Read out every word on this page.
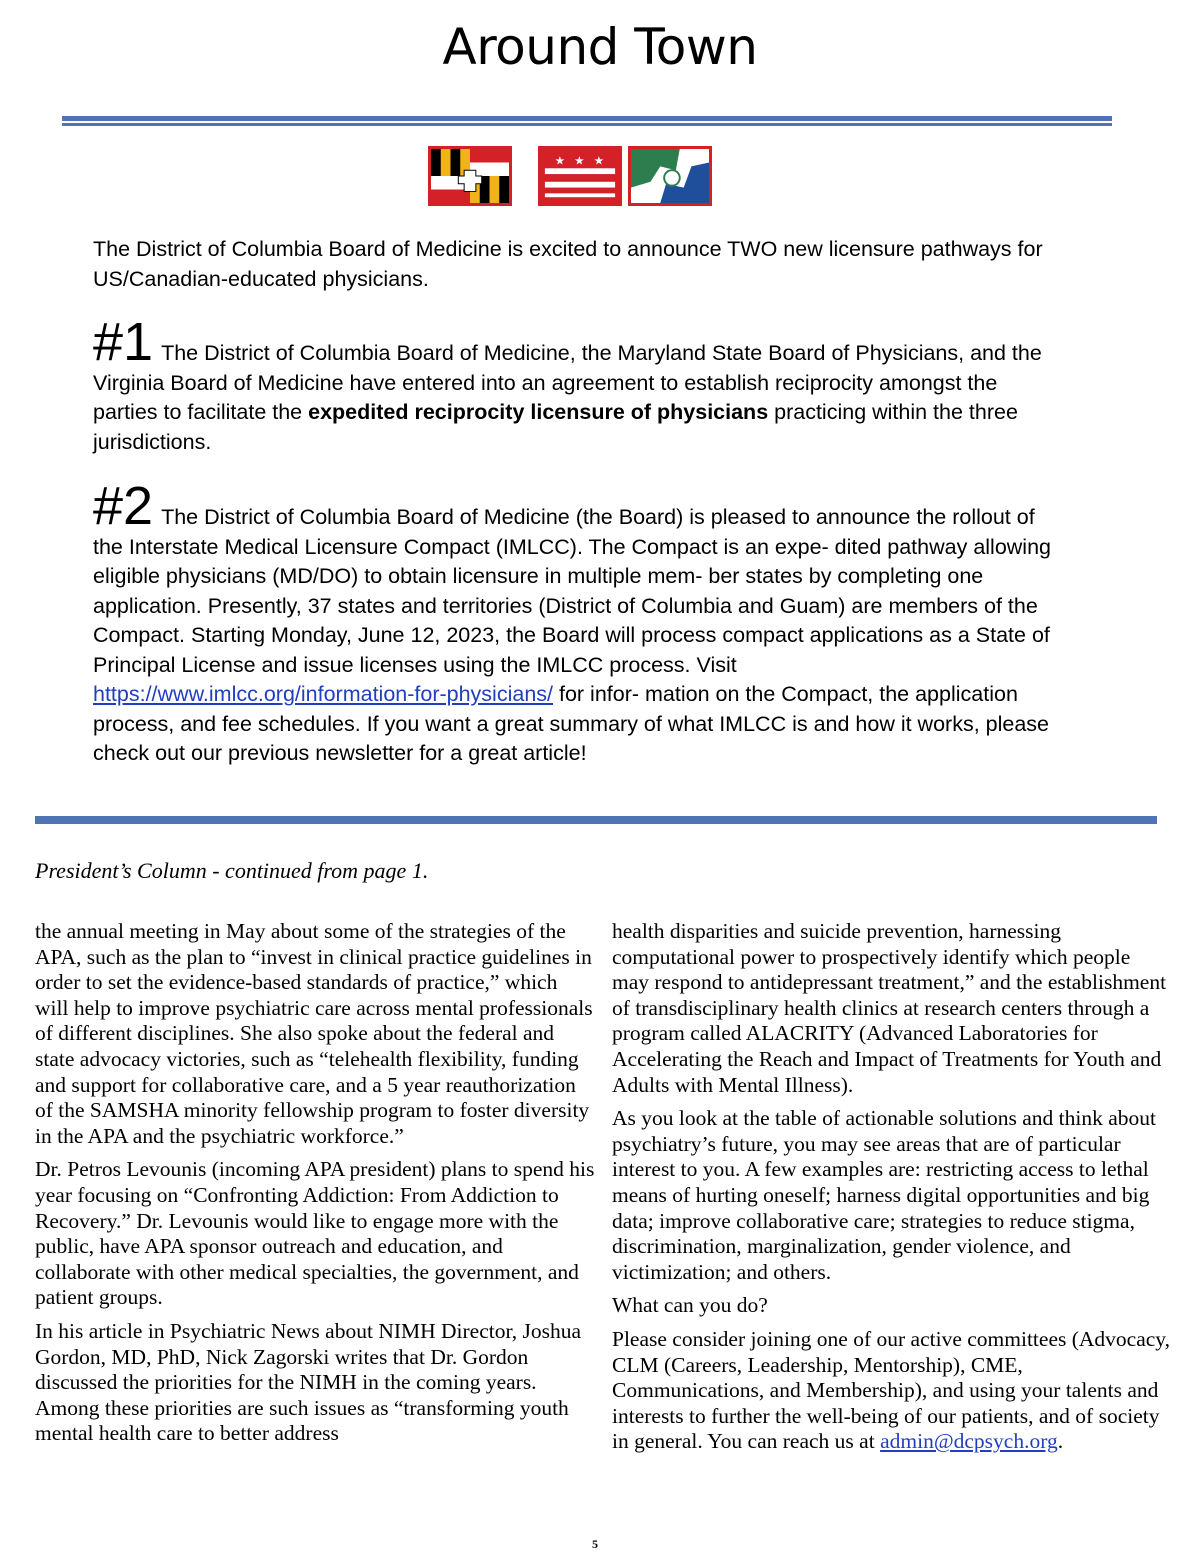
Around Town
★ ★ ★

The District of Columbia Board of Medicine is excited to announce TWO new licensure pathways for US/Canadian-educated physicians.

#1 The District of Columbia Board of Medicine, the Maryland State Board of Physicians, and the Virginia Board of Medicine have entered into an agreement to establish reciprocity amongst the parties to facilitate the expedited reciprocity licensure of physicians practicing within the three jurisdictions.

#2 The District of Columbia Board of Medicine (the Board) is pleased to announce the rollout of the Interstate Medical Licensure Compact (IMLCC). The Compact is an expe- dited pathway allowing eligible physicians (MD/DO) to obtain licensure in multiple mem- ber states by completing one application. Presently, 37 states and territories (District of Columbia and Guam) are members of the Compact. Starting Monday, June 12, 2023, the Board will process compact applications as a State of Principal License and issue licenses using the IMLCC process. Visit https://www.imlcc.org/information-for-physicians/ for infor- mation on the Compact, the application process, and fee schedules. If you want a great summary of what IMLCC is and how it works, please check out our previous newsletter for a great article!

President’s Column - continued from page 1.

the annual meeting in May about some of the strategies of the APA, such as the plan to “invest in clinical practice guidelines in order to set the evidence-based standards of practice,” which will help to improve psychiatric care across mental professionals of different disciplines. She also spoke about the federal and state advocacy victories, such as “telehealth flexibility, funding and support for collaborative care, and a 5 year reauthorization of the SAMSHA minority fellowship program to foster diversity in the APA and the psychiatric workforce.”

Dr. Petros Levounis (incoming APA president) plans to spend his year focusing on “Confronting Addiction: From Addiction to Recovery.” Dr. Levounis would like to engage more with the public, have APA sponsor outreach and education, and collaborate with other medical specialties, the government, and patient groups.

In his article in Psychiatric News about NIMH Director, Joshua Gordon, MD, PhD, Nick Zagorski writes that Dr. Gordon discussed the priorities for the NIMH in the coming years. Among these priorities are such issues as “transforming youth mental health care to better address

health disparities and suicide prevention, harnessing computational power to prospectively identify which people may respond to antidepressant treatment,” and the establishment of transdisciplinary health clinics at research centers through a program called ALACRITY (Advanced Laboratories for Accelerating the Reach and Impact of Treatments for Youth and Adults with Mental Illness).

As you look at the table of actionable solutions and think about psychiatry’s future, you may see areas that are of particular interest to you. A few examples are: restricting access to lethal means of hurting oneself; harness digital opportunities and big data; improve collaborative care; strategies to reduce stigma, discrimination, marginalization, gender violence, and victimization; and others.

What can you do?

Please consider joining one of our active committees (Advocacy, CLM (Careers, Leadership, Mentorship), CME, Communications, and Membership), and using your talents and interests to further the well-being of our patients, and of society in general. You can reach us at admin@dcpsych.org.

5
